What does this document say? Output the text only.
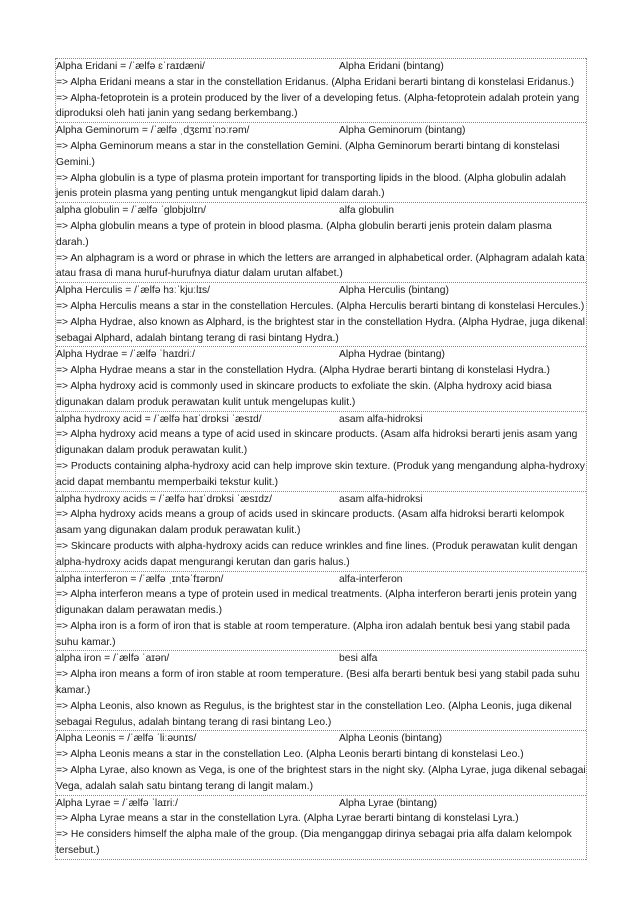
Alpha Eridani = /ˈælfə ɛˈraɪdæni/	Alpha Eridani (bintang)
=> Alpha Eridani means a star in the constellation Eridanus. (Alpha Eridani berarti bintang di konstelasi Eridanus.)
=> Alpha-fetoprotein is a protein produced by the liver of a developing fetus. (Alpha-fetoprotein adalah protein yang diproduksi oleh hati janin yang sedang berkembang.)
Alpha Geminorum = /ˈælfə ˌdʒɛmɪˈnɔːrəm/	Alpha Geminorum (bintang)
=> Alpha Geminorum means a star in the constellation Gemini. (Alpha Geminorum berarti bintang di konstelasi Gemini.)
=> Alpha globulin is a type of plasma protein important for transporting lipids in the blood. (Alpha globulin adalah jenis protein plasma yang penting untuk mengangkut lipid dalam darah.)
alpha globulin = /ˈælfə ˈɡlɒbjʊlɪn/	alfa globulin
=> Alpha globulin means a type of protein in blood plasma. (Alpha globulin berarti jenis protein dalam plasma darah.)
=> An alphagram is a word or phrase in which the letters are arranged in alphabetical order. (Alphagram adalah kata atau frasa di mana huruf-hurufnya diatur dalam urutan alfabet.)
Alpha Herculis = /ˈælfə hɜːˈkjuːlɪs/	Alpha Herculis (bintang)
=> Alpha Herculis means a star in the constellation Hercules. (Alpha Herculis berarti bintang di konstelasi Hercules.)
=> Alpha Hydrae, also known as Alphard, is the brightest star in the constellation Hydra. (Alpha Hydrae, juga dikenal sebagai Alphard, adalah bintang terang di rasi bintang Hydra.)
Alpha Hydrae = /ˈælfə ˈhaɪdriː/	Alpha Hydrae (bintang)
=> Alpha Hydrae means a star in the constellation Hydra. (Alpha Hydrae berarti bintang di konstelasi Hydra.)
=> Alpha hydroxy acid is commonly used in skincare products to exfoliate the skin. (Alpha hydroxy acid biasa digunakan dalam produk perawatan kulit untuk mengelupas kulit.)
alpha hydroxy acid = /ˈælfə haɪˈdrɒksi ˈæsɪd/	asam alfa-hidroksi
=> Alpha hydroxy acid means a type of acid used in skincare products. (Asam alfa hidroksi berarti jenis asam yang digunakan dalam produk perawatan kulit.)
=> Products containing alpha-hydroxy acid can help improve skin texture. (Produk yang mengandung alpha-hydroxy acid dapat membantu memperbaiki tekstur kulit.)
alpha hydroxy acids = /ˈælfə haɪˈdrɒksi ˈæsɪdz/	asam alfa-hidroksi
=> Alpha hydroxy acids means a group of acids used in skincare products. (Asam alfa hidroksi berarti kelompok asam yang digunakan dalam produk perawatan kulit.)
=> Skincare products with alpha-hydroxy acids can reduce wrinkles and fine lines. (Produk perawatan kulit dengan alpha-hydroxy acids dapat mengurangi kerutan dan garis halus.)
alpha interferon = /ˈælfə ˌɪntəˈfɪərɒn/	alfa-interferon
=> Alpha interferon means a type of protein used in medical treatments. (Alpha interferon berarti jenis protein yang digunakan dalam perawatan medis.)
=> Alpha iron is a form of iron that is stable at room temperature. (Alpha iron adalah bentuk besi yang stabil pada suhu kamar.)
alpha iron = /ˈælfə ˈaɪən/	besi alfa
=> Alpha iron means a form of iron stable at room temperature. (Besi alfa berarti bentuk besi yang stabil pada suhu kamar.)
=> Alpha Leonis, also known as Regulus, is the brightest star in the constellation Leo. (Alpha Leonis, juga dikenal sebagai Regulus, adalah bintang terang di rasi bintang Leo.)
Alpha Leonis = /ˈælfə ˈliːəʊnɪs/	Alpha Leonis (bintang)
=> Alpha Leonis means a star in the constellation Leo. (Alpha Leonis berarti bintang di konstelasi Leo.)
=> Alpha Lyrae, also known as Vega, is one of the brightest stars in the night sky. (Alpha Lyrae, juga dikenal sebagai Vega, adalah salah satu bintang terang di langit malam.)
Alpha Lyrae = /ˈælfə ˈlaɪriː/	Alpha Lyrae (bintang)
=> Alpha Lyrae means a star in the constellation Lyra. (Alpha Lyrae berarti bintang di konstelasi Lyra.)
=> He considers himself the alpha male of the group. (Dia menganggap dirinya sebagai pria alfa dalam kelompok tersebut.)
